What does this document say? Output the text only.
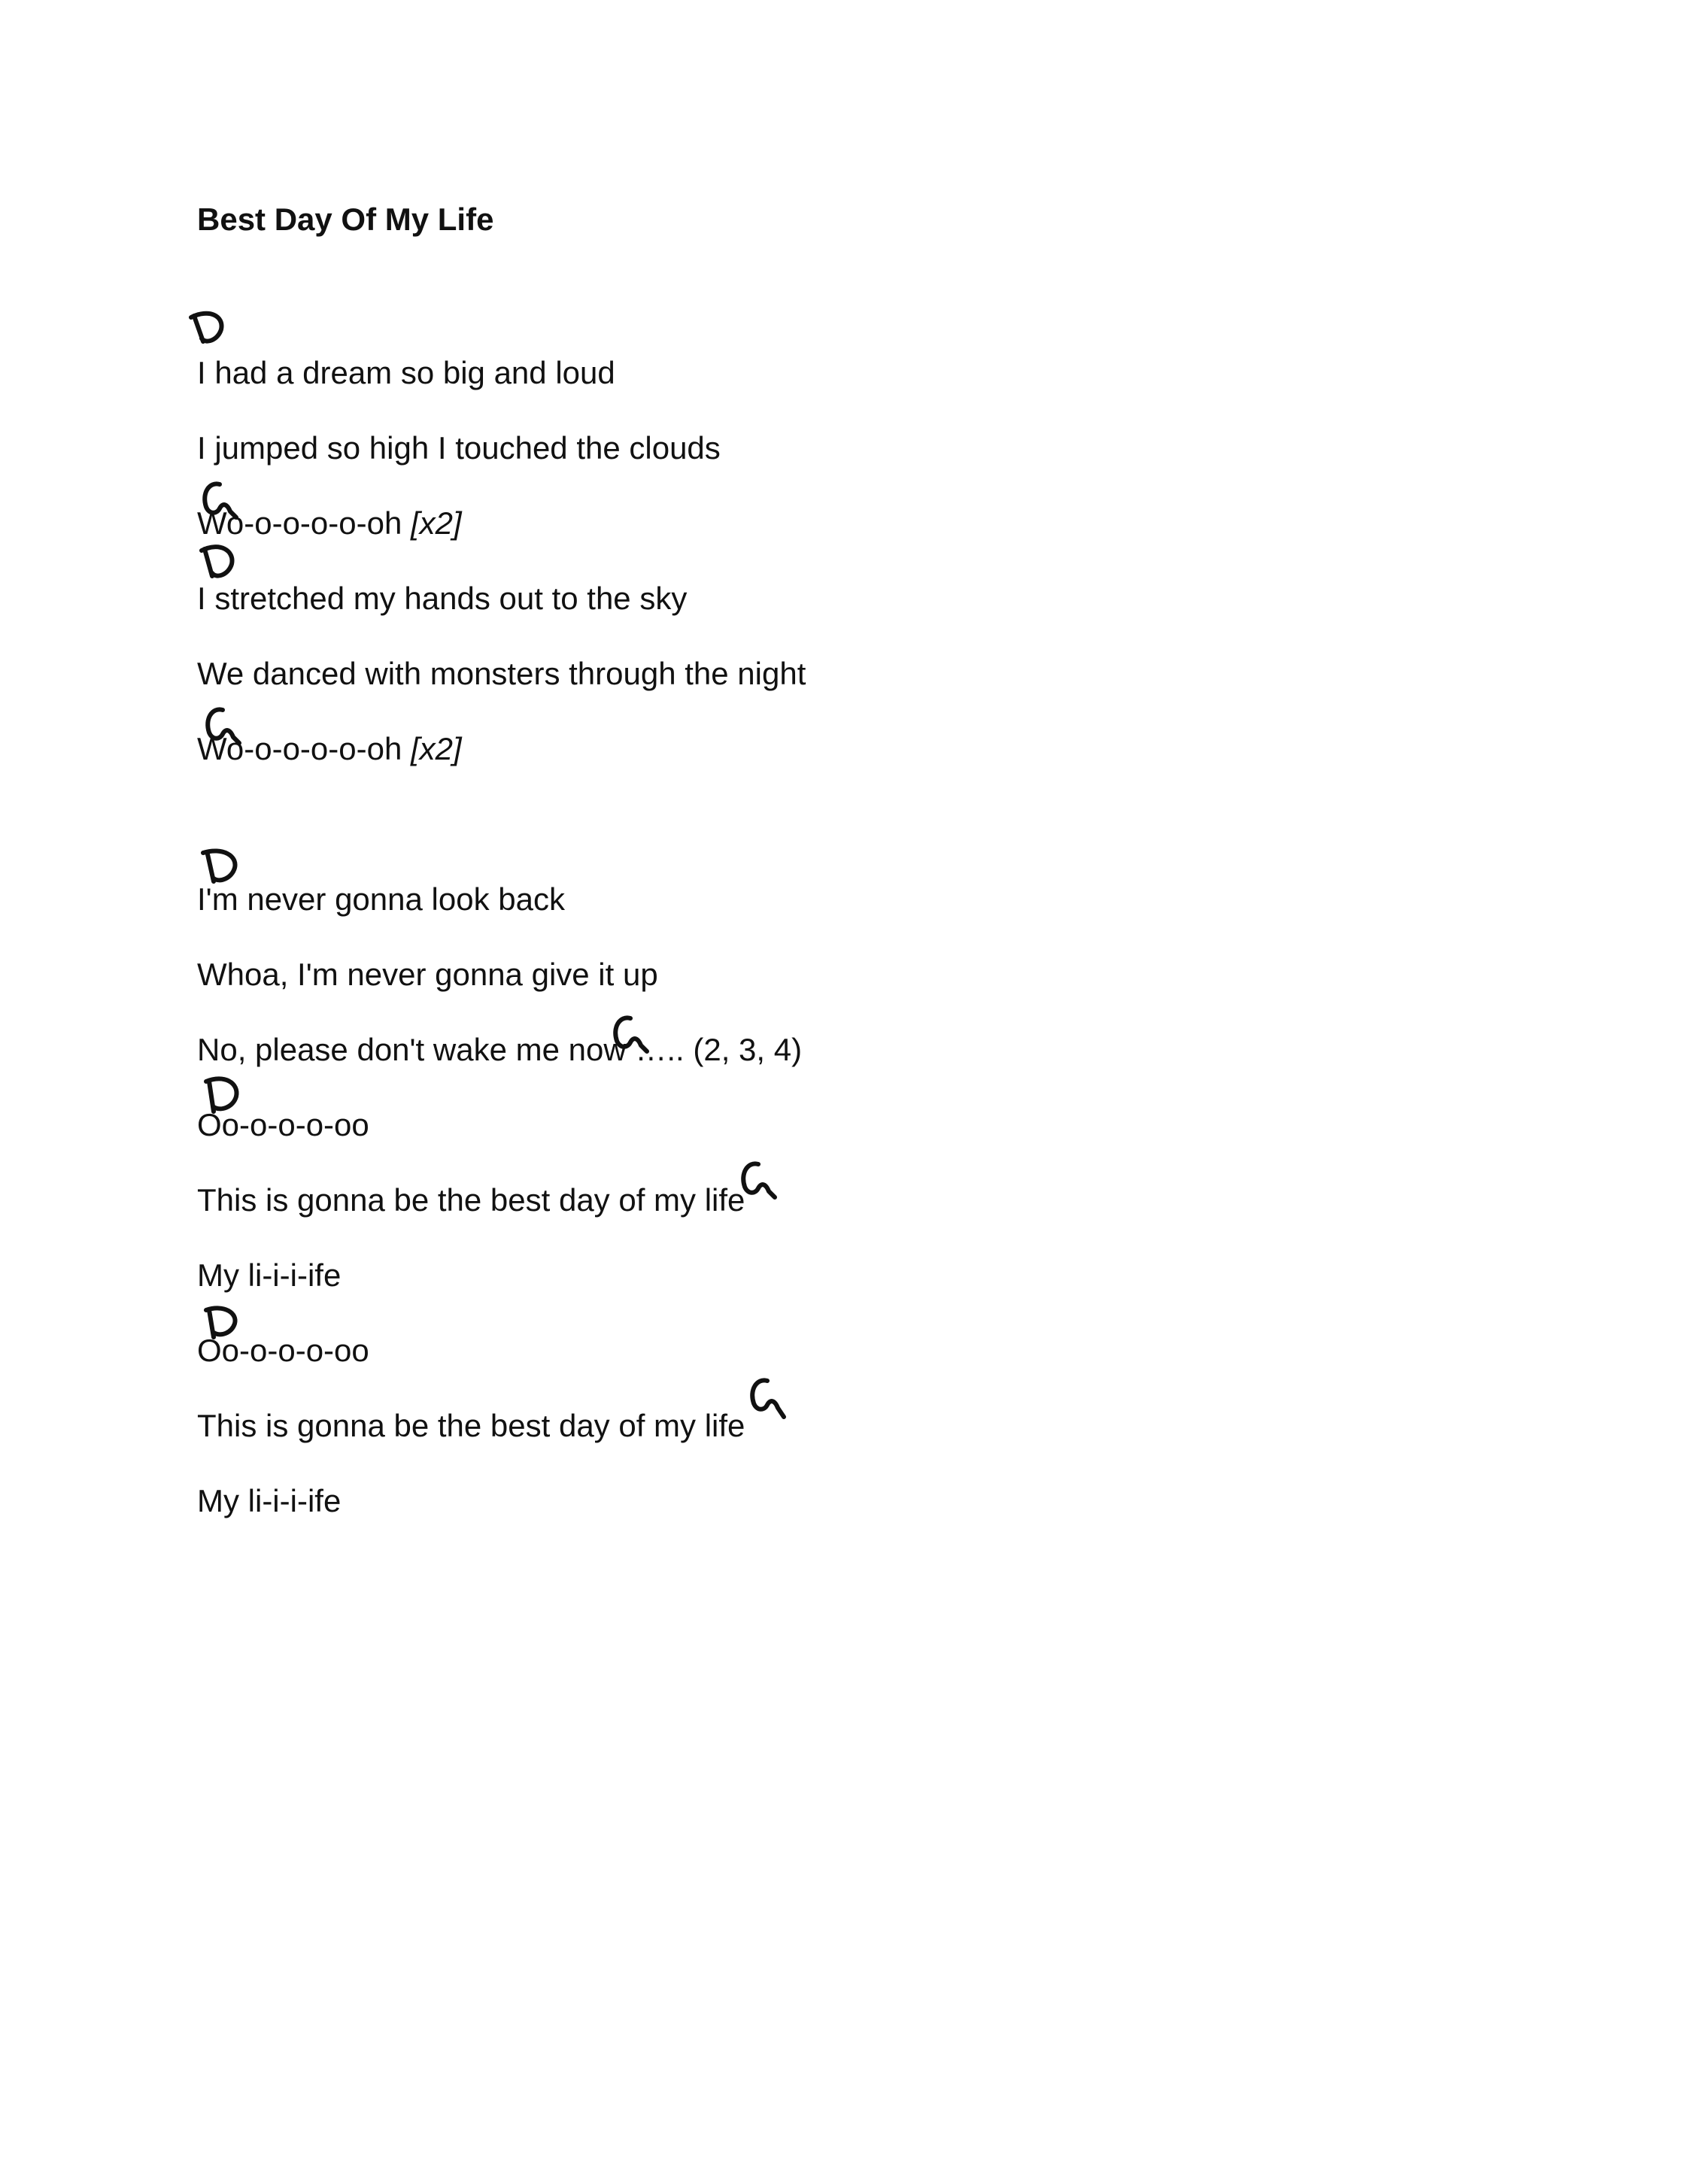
Best Day Of My Life
I had a dream so big and loud
I jumped so high I touched the clouds
Wo-o-o-o-o-oh [x2]
I stretched my hands out to the sky
We danced with monsters through the night
Wo-o-o-o-o-oh [x2]
I'm never gonna look back
Whoa, I'm never gonna give it up
No, please don't wake me now ….. (2, 3, 4)
Oo-o-o-o-oo
This is gonna be the best day of my life
My li-i-i-ife
Oo-o-o-o-oo
This is gonna be the best day of my life
My li-i-i-ife
